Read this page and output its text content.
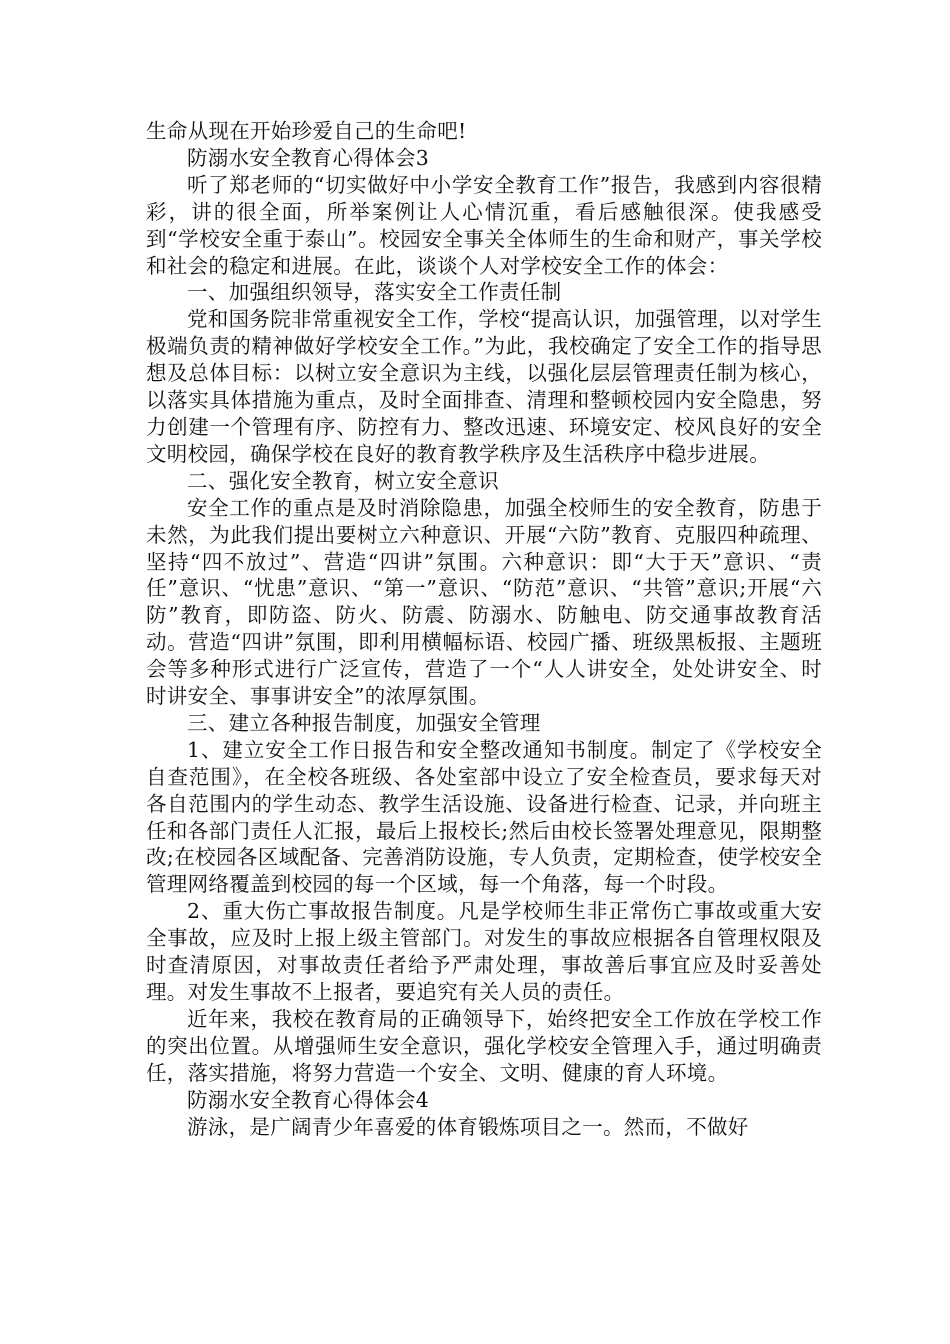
生命从现在开始珍爱自己的生命吧!

防溺水安全教育心得体会3

听了郑老师的“切实做好中小学安全教育工作”报告，我感到内容很精彩，讲的很全面，所举案例让人心情沉重，看后感触很深。使我感受到“学校安全重于泰山”。校园安全事关全体师生的生命和财产，事关学校和社会的稳定和进展。在此，谈谈个人对学校安全工作的体会：

一、加强组织领导，落实安全工作责任制

党和国务院非常重视安全工作，学校“提高认识，加强管理，以对学生极端负责的精神做好学校安全工作。”为此，我校确定了安全工作的指导思想及总体目标：以树立安全意识为主线，以强化层层管理责任制为核心，以落实具体措施为重点，及时全面排查、清理和整顿校园内安全隐患，努力创建一个管理有序、防控有力、整改迅速、环境安定、校风良好的安全文明校园，确保学校在良好的教育教学秩序及生活秩序中稳步进展。

二、强化安全教育，树立安全意识

安全工作的重点是及时消除隐患，加强全校师生的安全教育，防患于未然，为此我们提出要树立六种意识、开展“六防”教育、克服四种疏理、坚持“四不放过”、营造“四讲”氛围。六种意识：即“大于天”意识、“责任”意识、“忧患”意识、“第一”意识、“防范”意识、“共管”意识;开展“六防”教育，即防盗、防火、防震、防溺水、防触电、防交通事故教育活动。营造“四讲”氛围，即利用横幅标语、校园广播、班级黑板报、主题班会等多种形式进行广泛宣传，营造了一个“人人讲安全，处处讲安全、时时讲安全、事事讲安全”的浓厚氛围。

三、建立各种报告制度，加强安全管理

1、建立安全工作日报告和安全整改通知书制度。制定了《学校安全自查范围》，在全校各班级、各处室部中设立了安全检查员，要求每天对各自范围内的学生动态、教学生活设施、设备进行检查、记录，并向班主任和各部门责任人汇报，最后上报校长;然后由校长签署处理意见，限期整改;在校园各区域配备、完善消防设施，专人负责，定期检查，使学校安全管理网络覆盖到校园的每一个区域，每一个角落，每一个时段。

2、重大伤亡事故报告制度。凡是学校师生非正常伤亡事故或重大安全事故，应及时上报上级主管部门。对发生的事故应根据各自管理权限及时查清原因，对事故责任者给予严肃处理，事故善后事宜应及时妥善处理。对发生事故不上报者，要追究有关人员的责任。

近年来，我校在教育局的正确领导下，始终把安全工作放在学校工作的突出位置。从增强师生安全意识，强化学校安全管理入手，通过明确责任，落实措施，将努力营造一个安全、文明、健康的育人环境。

防溺水安全教育心得体会4

游泳，是广阔青少年喜爱的体育锻炼项目之一。然而，不做好
